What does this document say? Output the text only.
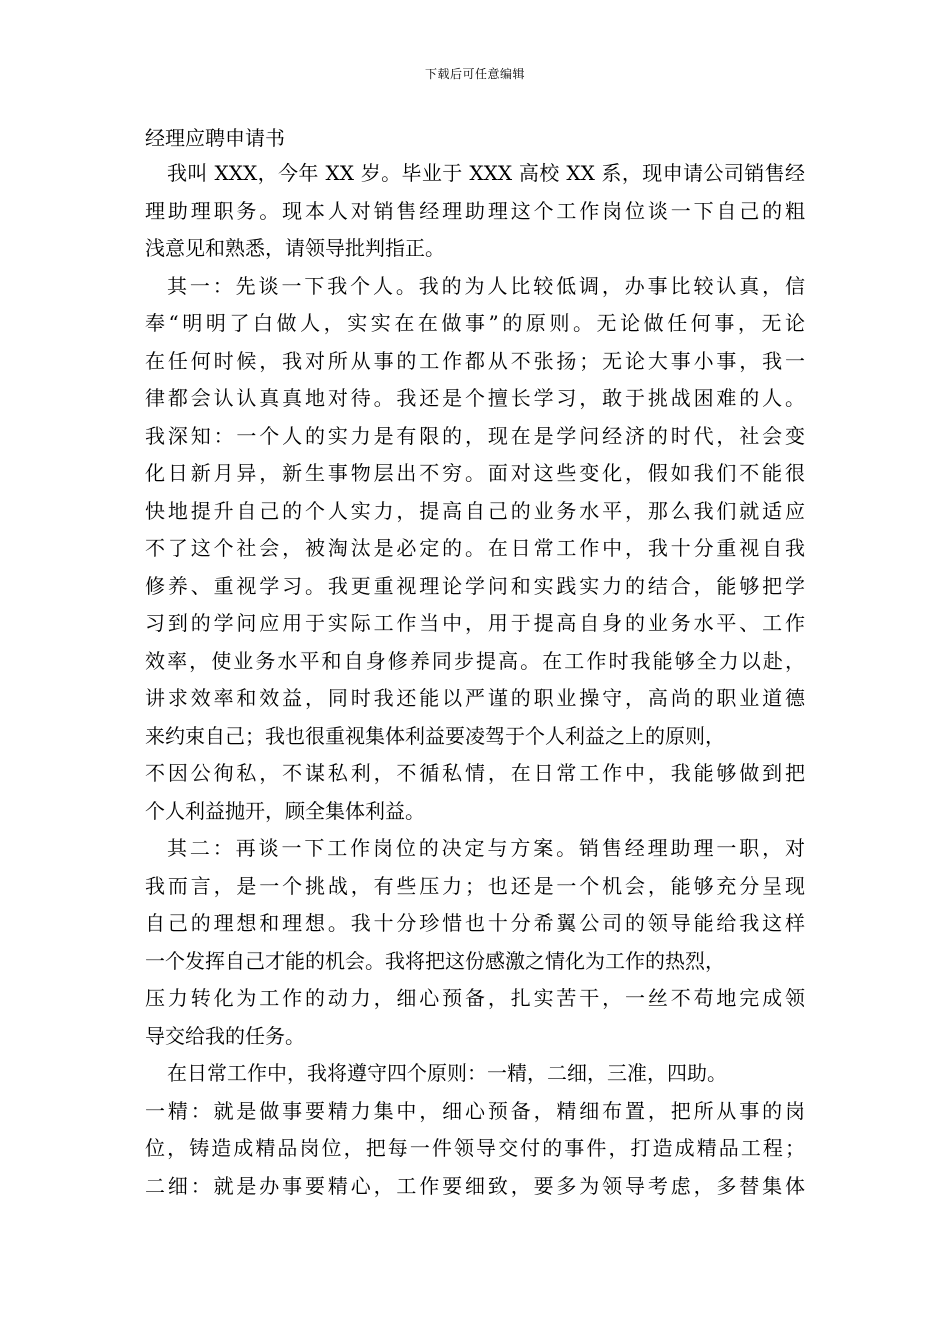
下载后可任意编辑
经理应聘申请书
我叫 XXX，今年 XX 岁。毕业于 XXX 高校 XX 系，现申请公司销售经
理助理职务。现本人对销售经理助理这个工作岗位谈一下自己的粗
浅意见和熟悉，请领导批判指正。
其一：先谈一下我个人。我的为人比较低调，办事比较认真，信
奉“明明了白做人，实实在在做事”的原则。无论做任何事，无论
在任何时候，我对所从事的工作都从不张扬；无论大事小事，我一
律都会认认真真地对待。我还是个擅长学习，敢于挑战困难的人。
我深知：一个人的实力是有限的，现在是学问经济的时代，社会变
化日新月异，新生事物层出不穷。面对这些变化，假如我们不能很
快地提升自己的个人实力，提高自己的业务水平，那么我们就适应
不了这个社会，被淘汰是必定的。在日常工作中，我十分重视自我
修养、重视学习。我更重视理论学问和实践实力的结合，能够把学
习到的学问应用于实际工作当中，用于提高自身的业务水平、工作
效率，使业务水平和自身修养同步提高。在工作时我能够全力以赴，
讲求效率和效益，同时我还能以严谨的职业操守，高尚的职业道德
来约束自己；我也很重视集体利益要凌驾于个人利益之上的原则，
不因公徇私，不谋私利，不循私情，在日常工作中，我能够做到把
个人利益抛开，顾全集体利益。
其二：再谈一下工作岗位的决定与方案。销售经理助理一职，对
我而言，是一个挑战，有些压力；也还是一个机会，能够充分呈现
自己的理想和理想。我十分珍惜也十分希翼公司的领导能给我这样
一个发挥自己才能的机会。我将把这份感激之情化为工作的热烈，
压力转化为工作的动力，细心预备，扎实苦干，一丝不苟地完成领
导交给我的任务。
在日常工作中，我将遵守四个原则：一精，二细，三准，四助。
一精：就是做事要精力集中，细心预备，精细布置，把所从事的岗
位，铸造成精品岗位，把每一件领导交付的事件，打造成精品工程；
二细：就是办事要精心，工作要细致，要多为领导考虑，多替集体
